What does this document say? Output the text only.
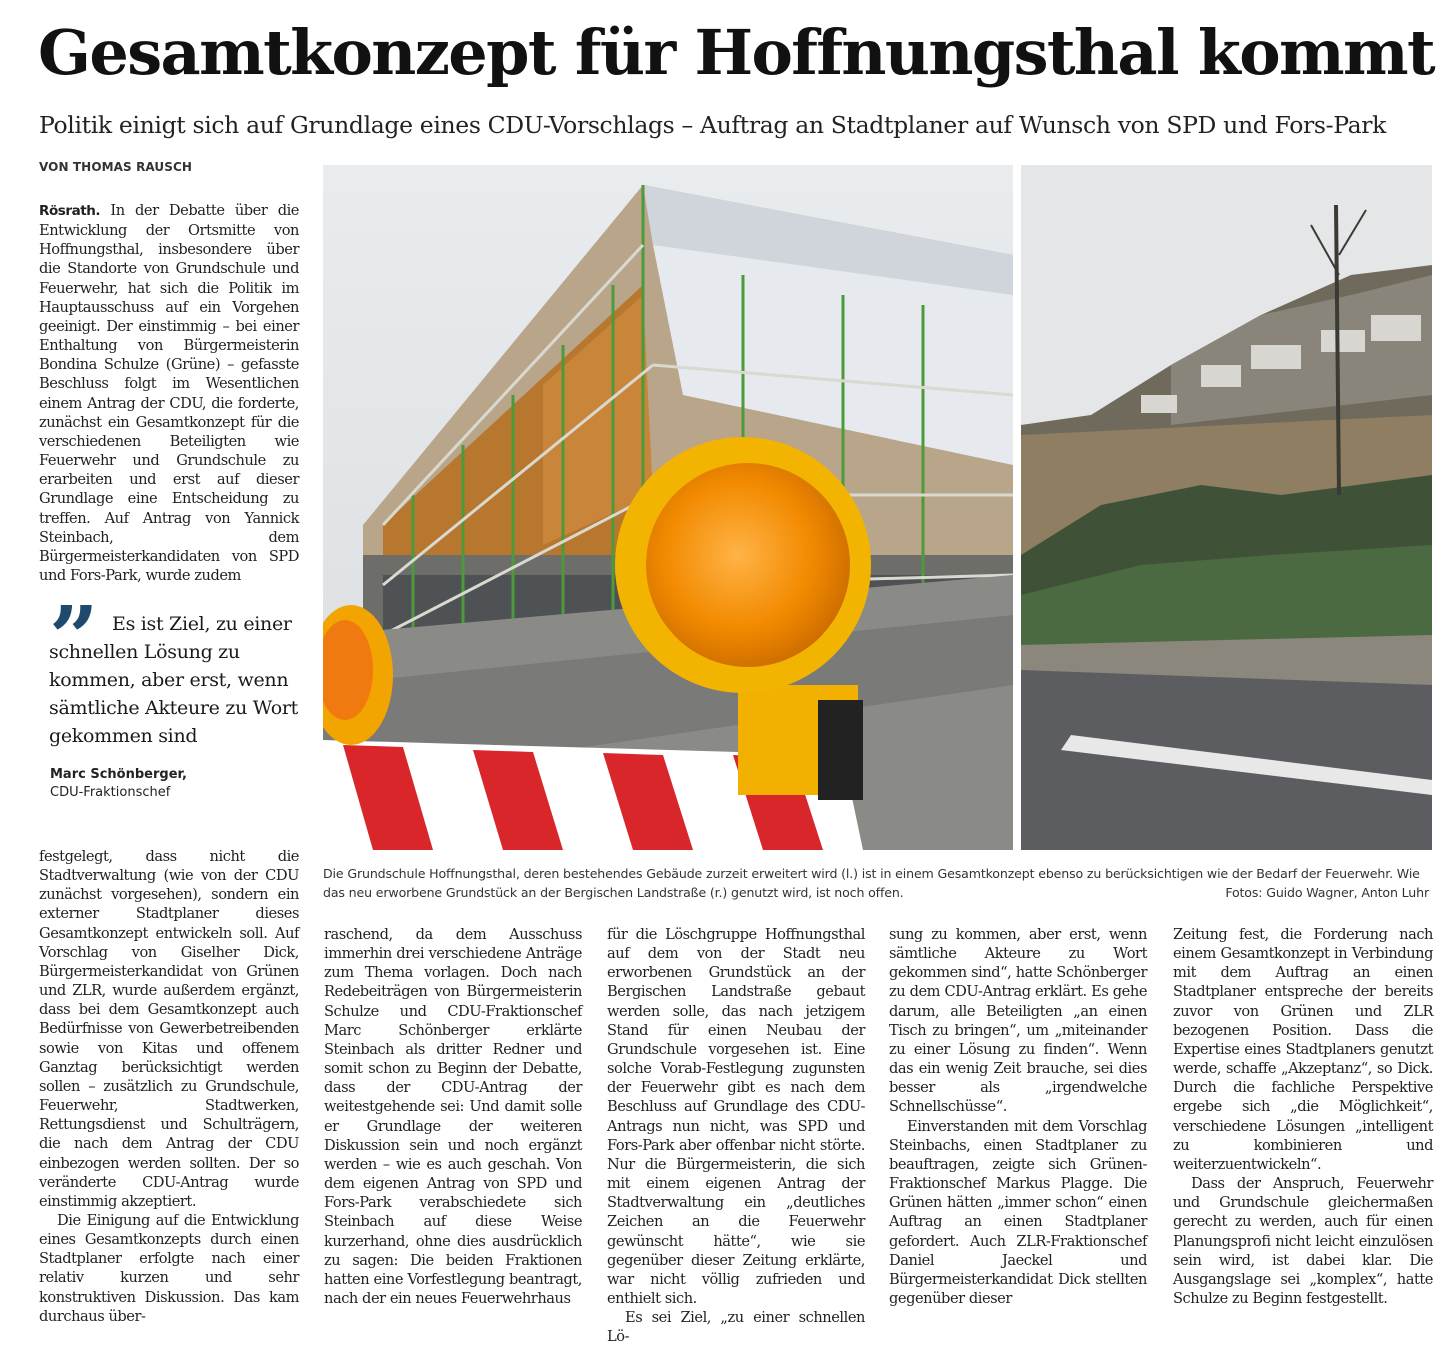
Gesamtkonzept für Hoffnungsthal kommt
Politik einigt sich auf Grundlage eines CDU-Vorschlags – Auftrag an Stadtplaner auf Wunsch von SPD und Fors-Park
VON THOMAS RAUSCH

Rösrath. In der Debatte über die Entwicklung der Ortsmitte von Hoffnungsthal, insbesondere über die Standorte von Grundschule und Feuerwehr, hat sich die Politik im Hauptausschuss auf ein Vorgehen geeinigt. Der einstimmig – bei einer Enthaltung von Bürgermeisterin Bondina Schulze (Grüne) – gefasste Beschluss folgt im Wesentlichen einem Antrag der CDU, die forderte, zunächst ein Gesamtkonzept für die verschiedenen Beteiligten wie Feuerwehr und Grundschule zu erarbeiten und erst auf dieser Grundlage eine Entscheidung zu treffen. Auf Antrag von Yannick Steinbach, dem Bürgermeisterkandidaten von SPD und Fors-Park, wurde zudem

” Es ist Ziel, zu einer
schnellen Lösung zu kommen, aber erst, wenn sämtliche Akteure zu Wort gekommen sind
Marc Schönberger,
CDU-Fraktionschef

festgelegt, dass nicht die Stadtverwaltung (wie von der CDU zunächst vorgesehen), sondern ein externer Stadtplaner dieses Gesamtkonzept entwickeln soll. Auf Vorschlag von Giselher Dick, Bürgermeisterkandidat von Grünen und ZLR, wurde außerdem ergänzt, dass bei dem Gesamtkonzept auch Bedürfnisse von Gewerbetreibenden sowie von Kitas und offenem Ganztag berücksichtigt werden sollen – zusätzlich zu Grundschule, Feuerwehr, Stadtwerken, Rettungsdienst und Schulträgern, die nach dem Antrag der CDU einbezogen werden sollten. Der so veränderte CDU-Antrag wurde einstimmig akzeptiert.

Die Einigung auf die Entwicklung eines Gesamtkonzepts durch einen Stadtplaner erfolgte nach einer relativ kurzen und sehr konstruktiven Diskussion. Das kam durchaus über-

Die Grundschule Hoffnungsthal, deren bestehendes Gebäude zurzeit erweitert wird (l.) ist in einem Gesamtkonzept ebenso zu berücksichtigen wie der Bedarf der Feuerwehr. Wie das neu erworbene Grundstück an der Bergischen Landstraße (r.) genutzt wird, ist noch offen.	Fotos: Guido Wagner, Anton Luhr

raschend, da dem Ausschuss immerhin drei verschiedene Anträge zum Thema vorlagen. Doch nach Redebeiträgen von Bürgermeisterin Schulze und CDU-Fraktionschef Marc Schönberger erklärte Steinbach als dritter Redner und somit schon zu Beginn der Debatte, dass der CDU-Antrag der weitestgehende sei: Und damit solle er Grundlage der weiteren Diskussion sein und noch ergänzt werden – wie es auch geschah. Von dem eigenen Antrag von SPD und Fors-Park verabschiedete sich Steinbach auf diese Weise kurzerhand, ohne dies ausdrücklich zu sagen: Die beiden Fraktionen hatten eine Vorfestlegung beantragt, nach der ein neues Feuerwehrhaus

für die Löschgruppe Hoffnungsthal auf dem von der Stadt neu erworbenen Grundstück an der Bergischen Landstraße gebaut werden solle, das nach jetzigem Stand für einen Neubau der Grundschule vorgesehen ist. Eine solche Vorab-Festlegung zugunsten der Feuerwehr gibt es nach dem Beschluss auf Grundlage des CDU-Antrags nun nicht, was SPD und Fors-Park aber offenbar nicht störte. Nur die Bürgermeisterin, die sich mit einem eigenen Antrag der Stadtverwaltung ein „deutliches Zeichen an die Feuerwehr gewünscht hätte“, wie sie gegenüber dieser Zeitung erklärte, war nicht völlig zufrieden und enthielt sich.

Es sei Ziel, „zu einer schnellen Lö-

sung zu kommen, aber erst, wenn sämtliche Akteure zu Wort gekommen sind“, hatte Schönberger zu dem CDU-Antrag erklärt. Es gehe darum, alle Beteiligten „an einen Tisch zu bringen“, um „miteinander zu einer Lösung zu finden“. Wenn das ein wenig Zeit brauche, sei dies besser als „irgendwelche Schnellschüsse“.

Einverstanden mit dem Vorschlag Steinbachs, einen Stadtplaner zu beauftragen, zeigte sich Grünen-Fraktionschef Markus Plagge. Die Grünen hätten „immer schon“ einen Auftrag an einen Stadtplaner gefordert. Auch ZLR-Fraktionschef Daniel Jaeckel und Bürgermeisterkandidat Dick stellten gegenüber dieser

Zeitung fest, die Forderung nach einem Gesamtkonzept in Verbindung mit dem Auftrag an einen Stadtplaner entspreche der bereits zuvor von Grünen und ZLR bezogenen Position. Dass die Expertise eines Stadtplaners genutzt werde, schaffe „Akzeptanz“, so Dick. Durch die fachliche Perspektive ergebe sich „die Möglichkeit“, verschiedene Lösungen „intelligent zu kombinieren und weiterzuentwickeln“.

Dass der Anspruch, Feuerwehr und Grundschule gleichermaßen gerecht zu werden, auch für einen Planungsprofi nicht leicht einzulösen sein wird, ist dabei klar. Die Ausgangslage sei „komplex“, hatte Schulze zu Beginn festgestellt.
